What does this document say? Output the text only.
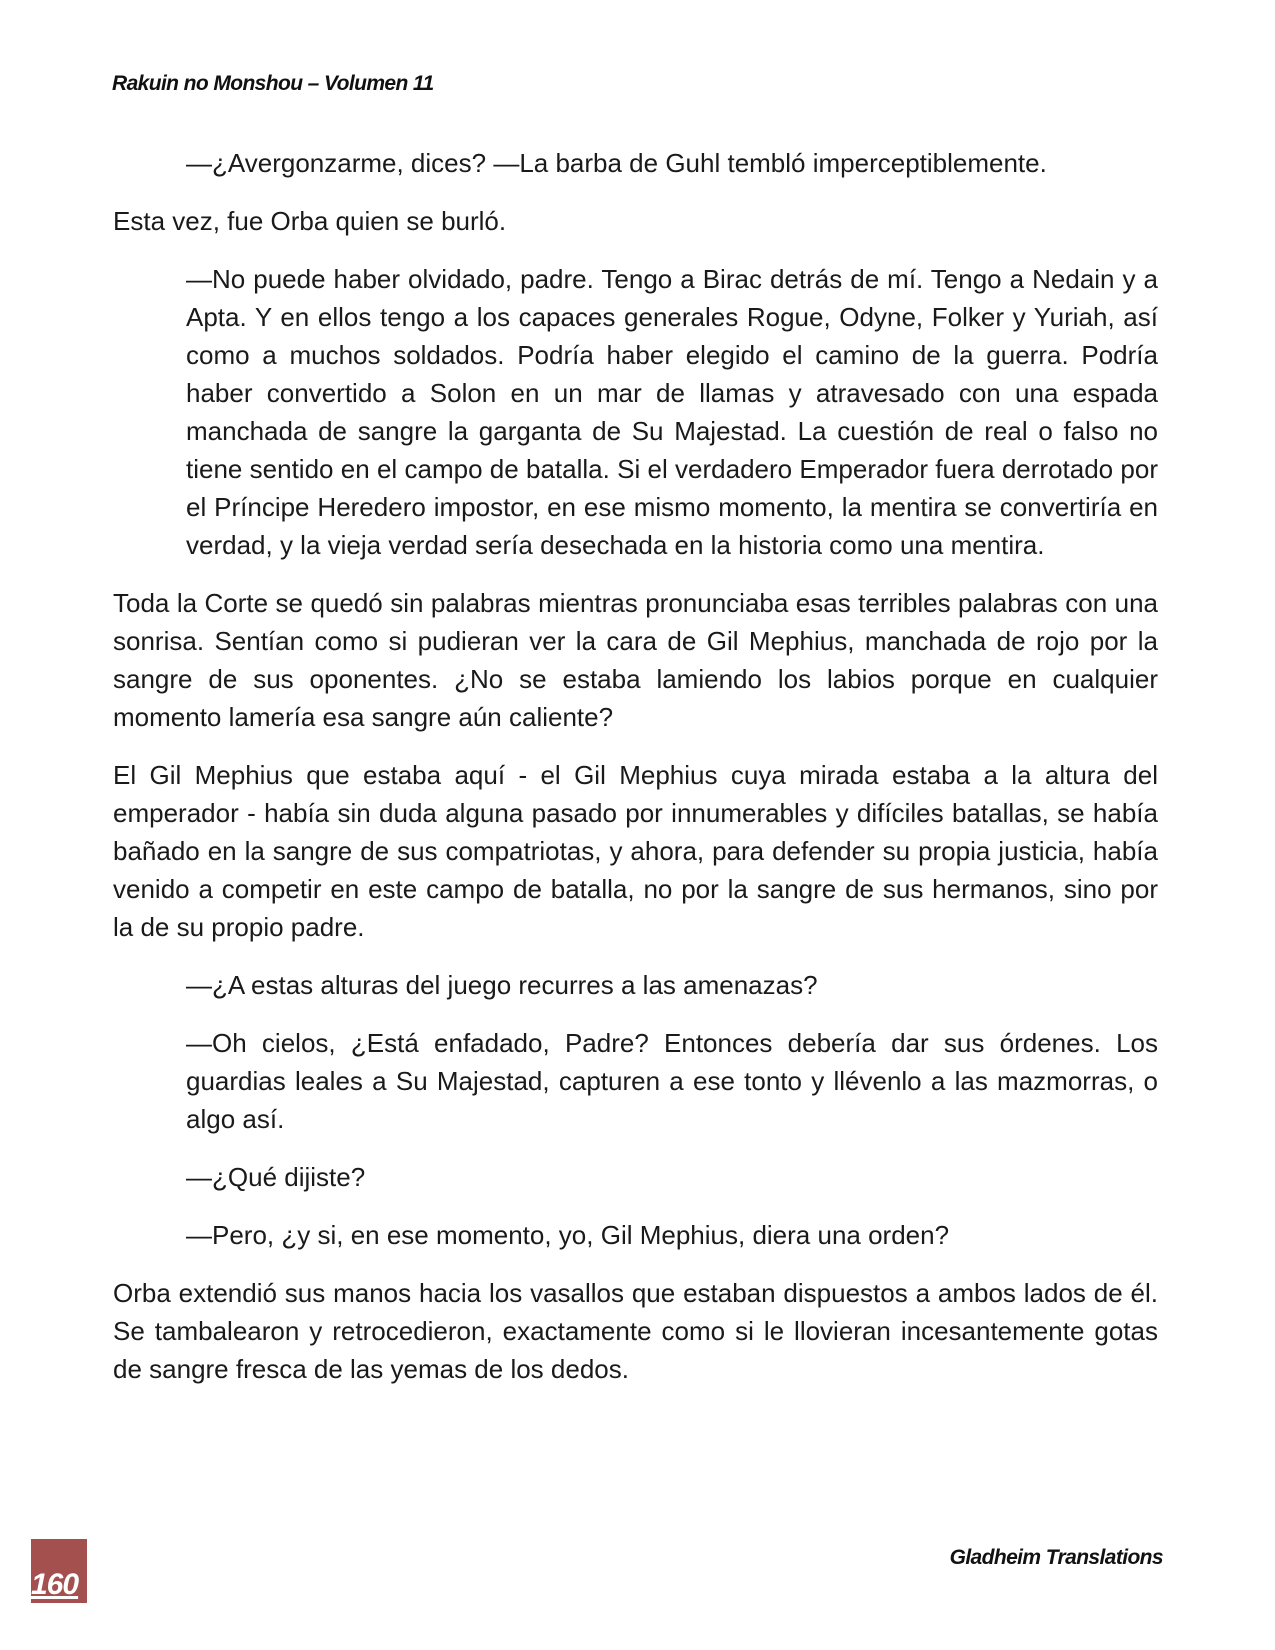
Rakuin no Monshou – Volumen 11

—¿Avergonzarme, dices? —La barba de Guhl tembló imperceptiblemente.

Esta vez, fue Orba quien se burló.

—No puede haber olvidado, padre. Tengo a Birac detrás de mí. Tengo a Nedain y a Apta. Y en ellos tengo a los capaces generales Rogue, Odyne, Folker y Yuriah, así como a muchos soldados. Podría haber elegido el camino de la guerra. Podría haber convertido a Solon en un mar de llamas y atravesado con una espada manchada de sangre la garganta de Su Majestad. La cuestión de real o falso no tiene sentido en el campo de batalla. Si el verdadero Emperador fuera derrotado por el Príncipe Heredero impostor, en ese mismo momento, la mentira se convertiría en verdad, y la vieja verdad sería desechada en la historia como una mentira.

Toda la Corte se quedó sin palabras mientras pronunciaba esas terribles palabras con una sonrisa. Sentían como si pudieran ver la cara de Gil Mephius, manchada de rojo por la sangre de sus oponentes. ¿No se estaba lamiendo los labios porque en cualquier momento lamería esa sangre aún caliente?

El Gil Mephius que estaba aquí - el Gil Mephius cuya mirada estaba a la altura del emperador - había sin duda alguna pasado por innumerables y difíciles batallas, se había bañado en la sangre de sus compatriotas, y ahora, para defender su propia justicia, había venido a competir en este campo de batalla, no por la sangre de sus hermanos, sino por la de su propio padre.

—¿A estas alturas del juego recurres a las amenazas?

—Oh cielos, ¿Está enfadado, Padre? Entonces debería dar sus órdenes. Los guardias leales a Su Majestad, capturen a ese tonto y llévenlo a las mazmorras, o algo así.

—¿Qué dijiste?

—Pero, ¿y si, en ese momento, yo, Gil Mephius, diera una orden?

Orba extendió sus manos hacia los vasallos que estaban dispuestos a ambos lados de él. Se tambalearon y retrocedieron, exactamente como si le llovieran incesantemente gotas de sangre fresca de las yemas de los dedos.

160
Gladheim Translations
